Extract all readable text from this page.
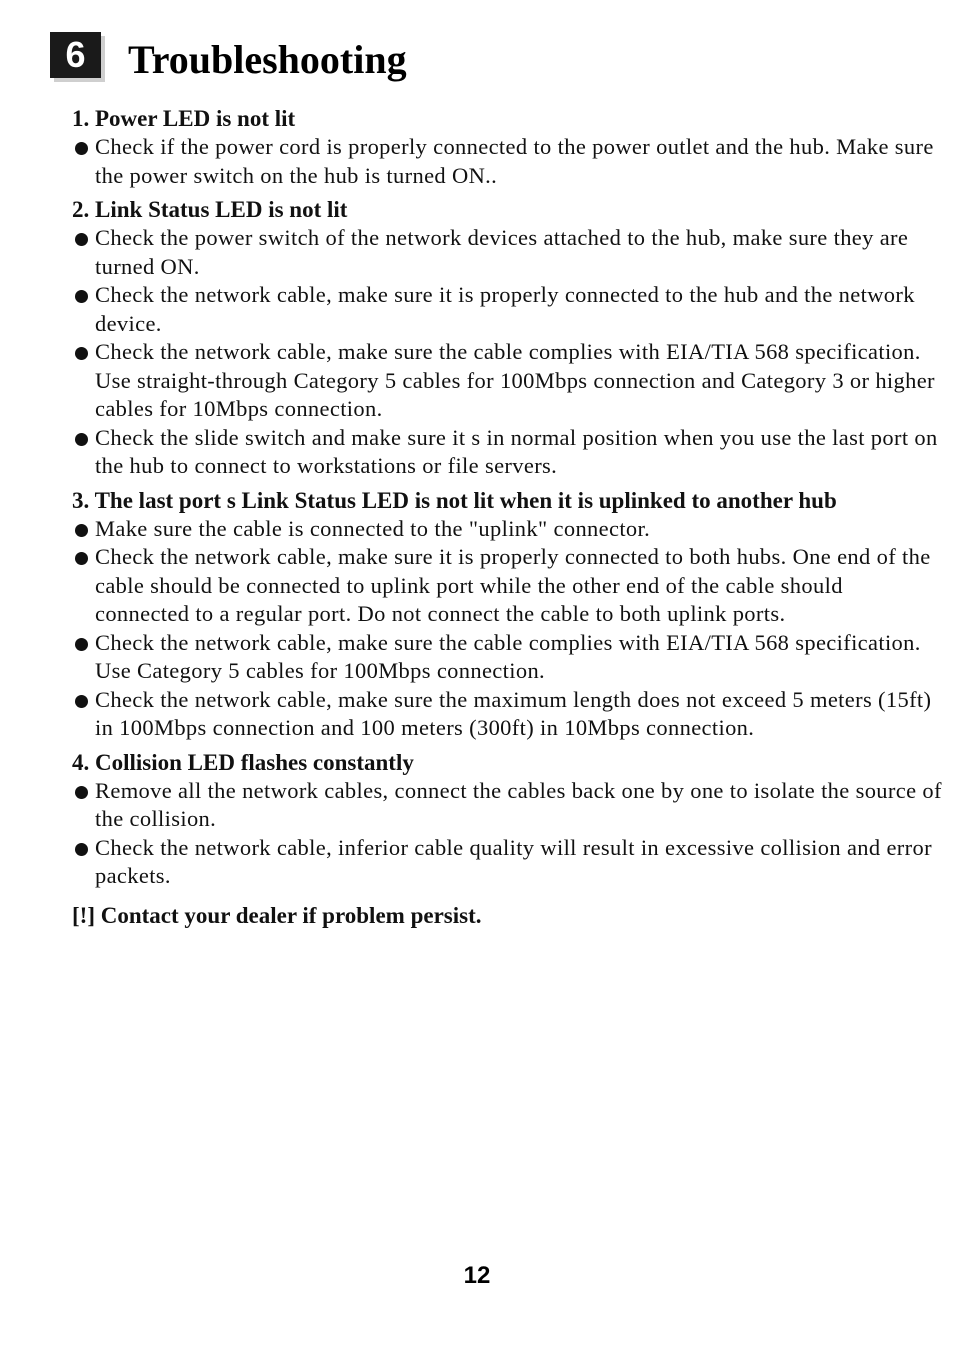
6	Troubleshooting
1. Power LED is not lit
Check if the power cord is properly connected to the power outlet and the hub. Make sure the power switch on the hub is turned ON..
2. Link Status LED is not lit
Check the power switch of the network devices attached to the hub, make sure they are turned ON.
Check the network cable, make sure it is properly connected to the hub and the network device.
Check the network cable, make sure the cable complies with EIA/TIA 568 specification. Use straight-through Category 5 cables for 100Mbps connection and Category 3 or higher cables for 10Mbps connection.
Check the slide switch and make sure it s in normal position when you use the last port on the hub to connect to workstations or file servers.
3. The last port s Link Status LED is not lit when it is uplinked to another hub
Make sure the cable is connected to the "uplink" connector.
Check the network cable, make sure it is properly connected to both hubs. One end of the cable should be connected to uplink port while the other end of the cable should connected to a regular port. Do not connect the cable to both uplink ports.
Check the network cable, make sure the cable complies with EIA/TIA 568 specification. Use Category 5 cables for 100Mbps connection.
Check the network cable, make sure the maximum length does not exceed 5 meters (15ft) in 100Mbps connection and 100 meters (300ft) in 10Mbps connection.
4. Collision LED flashes constantly
Remove all the network cables, connect the cables back one by one to isolate the source of the collision.
Check the network cable, inferior cable quality will result in excessive collision and error packets.

[!] Contact your dealer if problem persist.

12
